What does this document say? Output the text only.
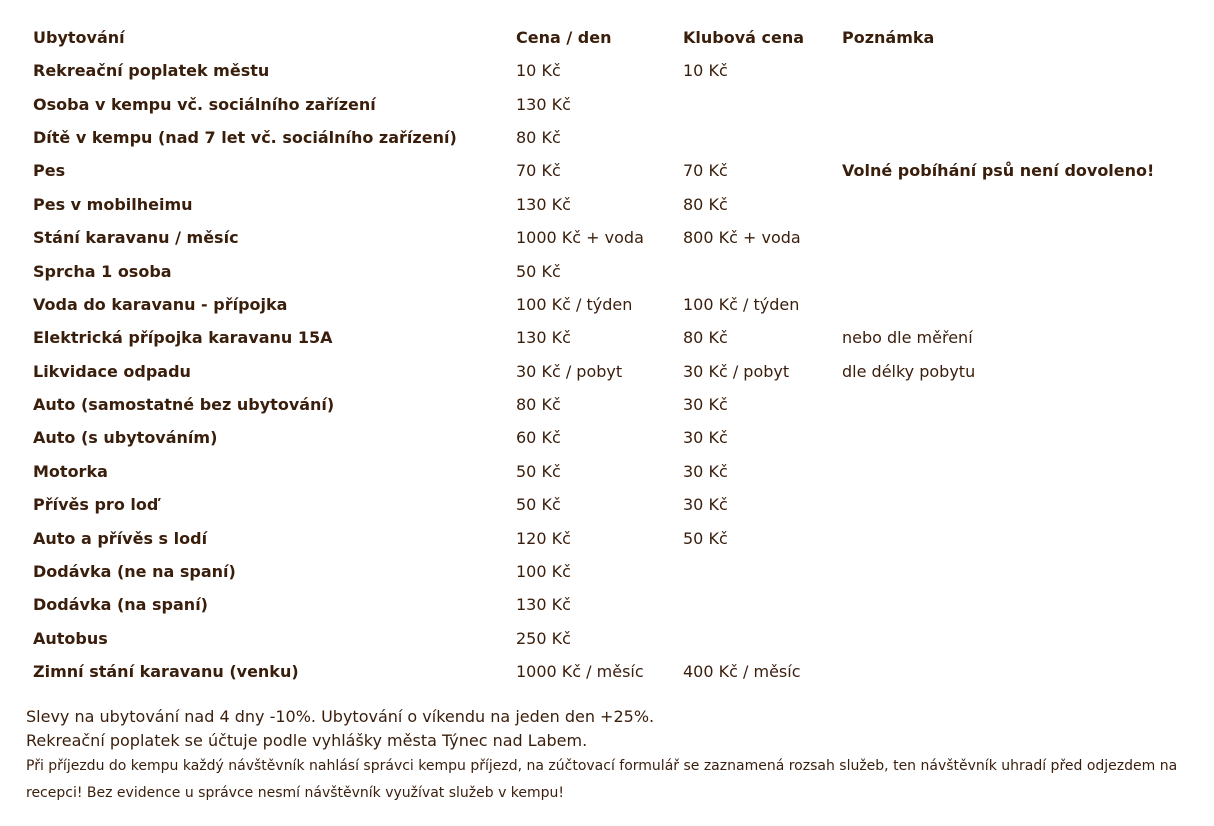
Ubytování	Cena / den	Klubová cena	Poznámka
Rekreační poplatek městu	10 Kč	10 Kč	
Osoba v kempu vč. sociálního zařízení	130 Kč		
Dítě v kempu (nad 7 let vč. sociálního zařízení)	80 Kč		
Pes	70 Kč	70 Kč	Volné pobíhání psů není dovoleno!
Pes v mobilheimu	130 Kč	80 Kč	
Stání karavanu / měsíc	1000 Kč + voda	800 Kč + voda	
Sprcha 1 osoba	50 Kč		
Voda do karavanu - přípojka	100 Kč / týden	100 Kč / týden	
Elektrická přípojka karavanu 15A	130 Kč	80 Kč	nebo dle měření
Likvidace odpadu	30 Kč / pobyt	30 Kč / pobyt	dle délky pobytu
Auto (samostatné bez ubytování)	80 Kč	30 Kč	
Auto (s ubytováním)	60 Kč	30 Kč	
Motorka	50 Kč	30 Kč	
Přívěs pro loď	50 Kč	30 Kč	
Auto a přívěs s lodí	120 Kč	50 Kč	
Dodávka (ne na spaní)	100 Kč		
Dodávka (na spaní)	130 Kč		
Autobus	250 Kč		
Zimní stání karavanu (venku)	1000 Kč / měsíc	400 Kč / měsíc	

Slevy na ubytování nad 4 dny -10%. Ubytování o víkendu na jeden den +25%.

Rekreační poplatek se účtuje podle vyhlášky města Týnec nad Labem.

Při příjezdu do kempu každý návštěvník nahlásí správci kempu příjezd, na zúčtovací formulář se zaznamená rozsah služeb, ten návštěvník uhradí před odjezdem na recepci! Bez evidence u správce nesmí návštěvník využívat služeb v kempu!
